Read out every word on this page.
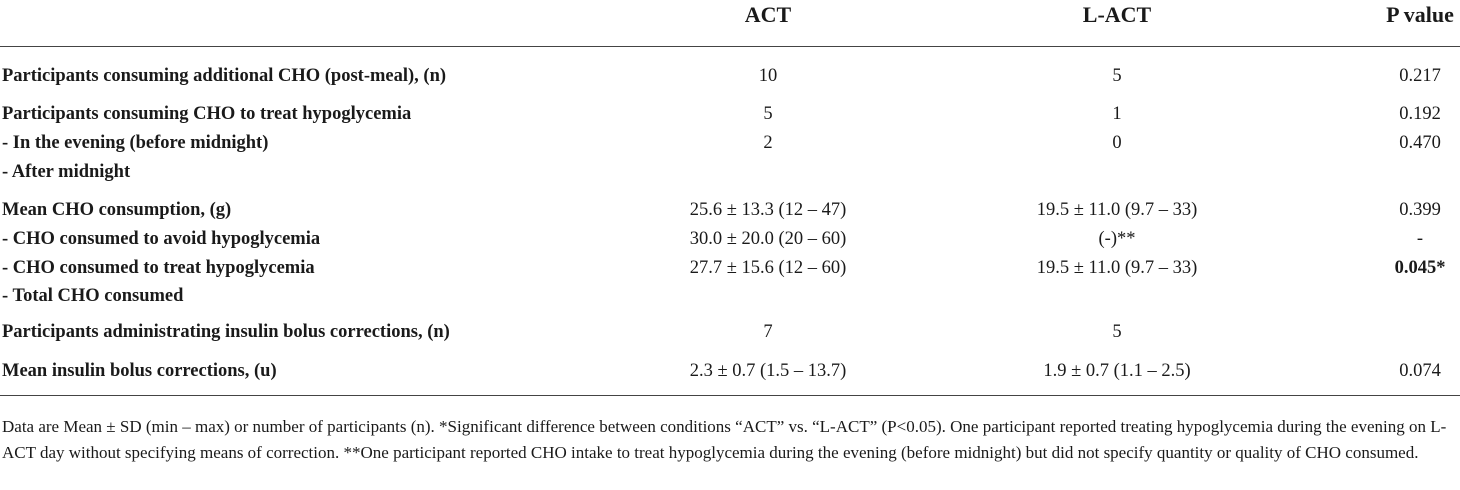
ACT	L-ACT	P value
Participants consuming additional CHO (post-meal), (n)	10	5	0.217
Participants consuming CHO to treat hypoglycemia	5	1	0.192
- In the evening (before midnight)	2	0	0.470
- After midnight
Mean CHO consumption, (g)	25.6 ± 13.3 (12 – 47)	19.5 ± 11.0 (9.7 – 33)	0.399
- CHO consumed to avoid hypoglycemia	30.0 ± 20.0 (20 – 60)	(-)**	-
- CHO consumed to treat hypoglycemia	27.7 ± 15.6 (12 – 60)	19.5 ± 11.0 (9.7 – 33)	0.045*
- Total CHO consumed
Participants administrating insulin bolus corrections, (n)	7	5
Mean insulin bolus corrections, (u)	2.3 ± 0.7 (1.5 – 13.7)	1.9 ± 0.7 (1.1 – 2.5)	0.074
Data are Mean ± SD (min – max) or number of participants (n). *Significant difference between conditions “ACT” vs. “L-ACT” (P<0.05). One participant reported treating hypoglycemia during the evening on L-ACT day without specifying means of correction. **One participant reported CHO intake to treat hypoglycemia during the evening (before midnight) but did not specify quantity or quality of CHO consumed.
